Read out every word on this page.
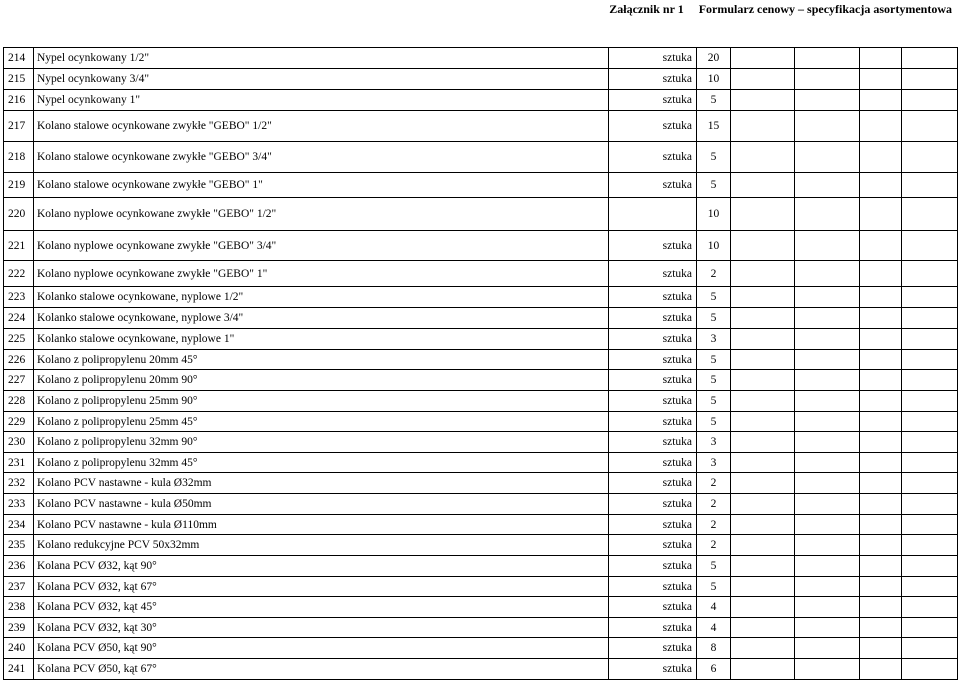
Załącznik nr 1 Formularz cenowy – specyfikacja asortymentowa
214	Nypel ocynkowany 1/2"	sztuka	20				
215	Nypel ocynkowany 3/4"	sztuka	10				
216	Nypel ocynkowany 1"	sztuka	5				
217	Kolano stalowe ocynkowane zwykłe "GEBO" 1/2"	sztuka	15				
218	Kolano stalowe ocynkowane zwykłe "GEBO" 3/4"	sztuka	5				
219	Kolano stalowe ocynkowane zwykłe "GEBO" 1"	sztuka	5				
220	Kolano nyplowe ocynkowane zwykłe "GEBO" 1/2"		10				
221	Kolano nyplowe ocynkowane zwykłe "GEBO" 3/4"	sztuka	10				
222	Kolano nyplowe ocynkowane zwykłe "GEBO" 1"	sztuka	2				
223	Kolanko stalowe ocynkowane, nyplowe 1/2"	sztuka	5				
224	Kolanko stalowe ocynkowane, nyplowe 3/4"	sztuka	5				
225	Kolanko stalowe ocynkowane, nyplowe 1"	sztuka	3				
226	Kolano z polipropylenu 20mm 45°	sztuka	5				
227	Kolano z polipropylenu 20mm 90°	sztuka	5				
228	Kolano z polipropylenu 25mm 90°	sztuka	5				
229	Kolano z polipropylenu 25mm 45°	sztuka	5				
230	Kolano z polipropylenu 32mm 90°	sztuka	3				
231	Kolano z polipropylenu 32mm 45°	sztuka	3				
232	Kolano PCV nastawne - kula Ø32mm	sztuka	2				
233	Kolano PCV nastawne - kula Ø50mm	sztuka	2				
234	Kolano PCV nastawne - kula Ø110mm	sztuka	2				
235	Kolano redukcyjne PCV 50x32mm	sztuka	2				
236	Kolana PCV Ø32, kąt 90°	sztuka	5				
237	Kolana PCV Ø32, kąt 67°	sztuka	5				
238	Kolana PCV Ø32, kąt 45°	sztuka	4				
239	Kolana PCV Ø32, kąt 30°	sztuka	4				
240	Kolana PCV Ø50, kąt 90°	sztuka	8				
241	Kolana PCV Ø50, kąt 67°	sztuka	6				
